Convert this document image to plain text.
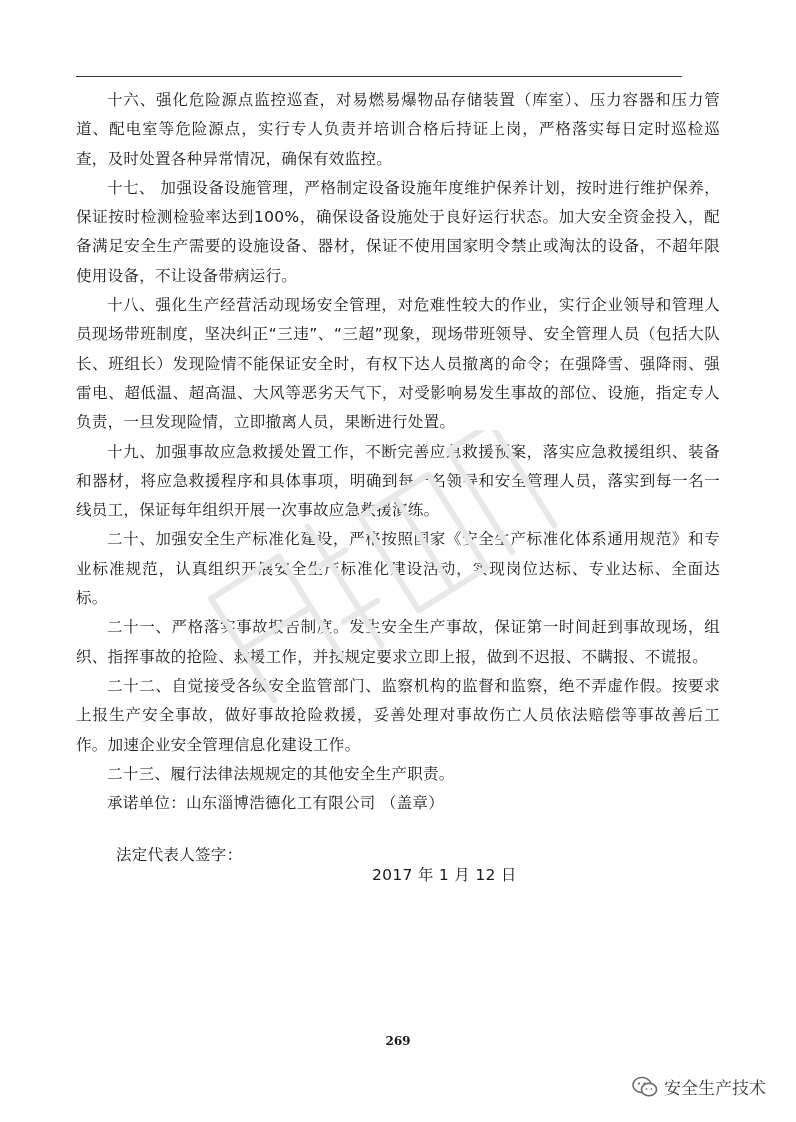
十六、强化危险源点监控巡查，对易燃易爆物品存储装置（库室）、压力容器和压力管道、配电室等危险源点，实行专人负责并培训合格后持证上岗，严格落实每日定时巡检巡查，及时处置各种异常情况，确保有效监控。

十七、 加强设备设施管理，严格制定设备设施年度维护保养计划，按时进行维护保养，保证按时检测检验率达到100%，确保设备设施处于良好运行状态。加大安全资金投入，配备满足安全生产需要的设施设备、器材，保证不使用国家明令禁止或淘汰的设备，不超年限使用设备，不让设备带病运行。

十八、强化生产经营活动现场安全管理，对危难性较大的作业，实行企业领导和管理人员现场带班制度，坚决纠正“三违”、“三超”现象，现场带班领导、安全管理人员（包括大队长、班组长）发现险情不能保证安全时，有权下达人员撤离的命令；在强降雪、强降雨、强雷电、超低温、超高温、大风等恶劣天气下，对受影响易发生事故的部位、设施，指定专人负责，一旦发现险情，立即撤离人员，果断进行处置。

十九、加强事故应急救援处置工作，不断完善应急救援预案，落实应急救援组织、装备和器材，将应急救援程序和具体事项，明确到每一名领导和安全管理人员，落实到每一名一线员工，保证每年组织开展一次事故应急救援演练。

二十、加强安全生产标准化建设，严格按照国家《安全生产标准化体系通用规范》和专业标准规范，认真组织开展安全生产标准化建设活动，实现岗位达标、专业达标、全面达标。

二十一、严格落实事故报告制度。发生安全生产事故，保证第一时间赶到事故现场，组织、指挥事故的抢险、救援工作，并按规定要求立即上报，做到不迟报、不瞒报、不谎报。

二十二、自觉接受各级安全监管部门、监察机构的监督和监察，绝不弄虚作假。按要求上报生产安全事故，做好事故抢险救援，妥善处理对事故伤亡人员依法赔偿等事故善后工作。加速企业安全管理信息化建设工作。

二十三、履行法律法规规定的其他安全生产职责。

承诺单位：山东淄博浩德化工有限公司 （盖章）

法定代表人签字：
2017 年 1 月 12 日
269
安全生产技术
